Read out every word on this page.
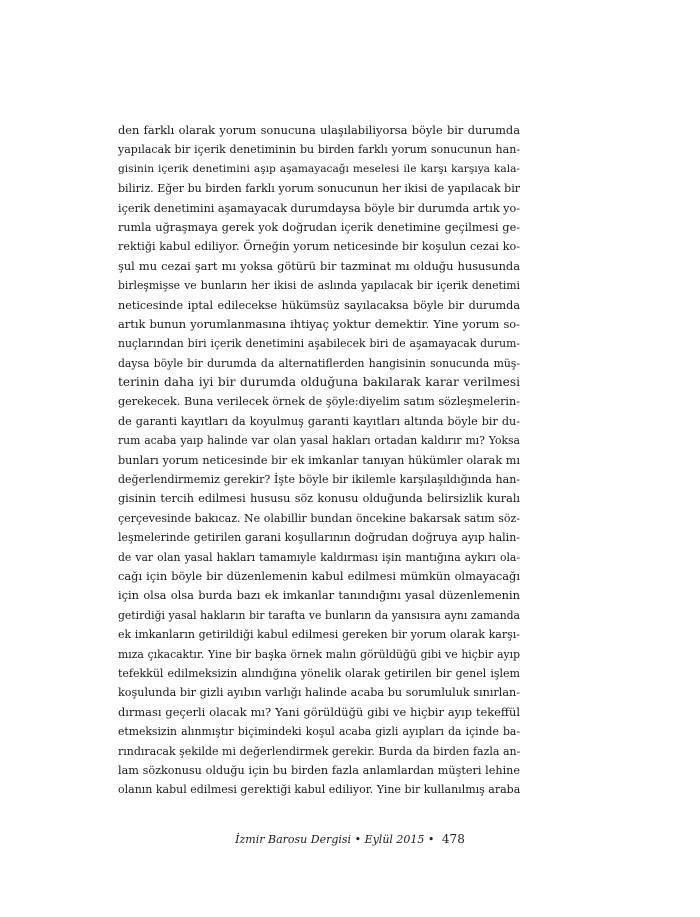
den farklı olarak yorum sonucuna ulaşılabiliyorsa böyle bir durumda
yapılacak bir içerik denetiminin bu birden farklı yorum sonucunun han-
gisinin içerik denetimini aşıp aşamayacağı meselesi ile karşı karşıya kala-
biliriz. Eğer bu birden farklı yorum sonucunun her ikisi de yapılacak bir
içerik denetimini aşamayacak durumdaysa böyle bir durumda artık yo-
rumla uğraşmaya gerek yok doğrudan içerik denetimine geçilmesi ge-
rektiği kabul ediliyor. Örneğin yorum neticesinde bir koşulun cezai ko-
şul mu cezai şart mı yoksa götürü bir tazminat mı olduğu hususunda
birleşmişse ve bunların her ikisi de aslında yapılacak bir içerik denetimi
neticesinde iptal edilecekse hükümsüz sayılacaksa böyle bir durumda
artık bunun yorumlanmasına ihtiyaç yoktur demektir. Yine yorum so-
nuçlarından biri içerik denetimini aşabilecek biri de aşamayacak durum-
daysa böyle bir durumda da alternatiflerden hangisinin sonucunda müş-
terinin daha iyi bir durumda olduğuna bakılarak karar verilmesi
gerekecek. Buna verilecek örnek de şöyle:diyelim satım sözleşmelerin-
de garanti kayıtları da koyulmuş garanti kayıtları altında böyle bir du-
rum acaba yaıp halinde var olan yasal hakları ortadan kaldırır mı? Yoksa
bunları yorum neticesinde bir ek imkanlar tanıyan hükümler olarak mı
değerlendirmemiz gerekir? İşte böyle bir ikilemle karşılaşıldığında han-
gisinin tercih edilmesi hususu söz konusu olduğunda belirsizlik kuralı
çerçevesinde bakıcaz. Ne olabillir bundan öncekine bakarsak satım söz-
leşmelerinde getirilen garani koşullarının doğrudan doğruya ayıp halin-
de var olan yasal hakları tamamıyle kaldırması işin mantığına aykırı ola-
cağı için böyle bir düzenlemenin kabul edilmesi mümkün olmayacağı
için olsa olsa burda bazı ek imkanlar tanındığını yasal düzenlemenin
getirdiği yasal hakların bir tarafta ve bunların da yansısıra aynı zamanda
ek imkanların getirildiği kabul edilmesi gereken bir yorum olarak karşı-
mıza çıkacaktır. Yine bir başka örnek malın görüldüğü gibi ve hiçbir ayıp
tefekkül edilmeksizin alındığına yönelik olarak getirilen bir genel işlem
koşulunda bir gizli ayıbın varlığı halinde acaba bu sorumluluk sınırlan-
dırması geçerli olacak mı? Yani görüldüğü gibi ve hiçbir ayıp tekeffül
etmeksizin alınmıştır biçimindeki koşul acaba gizli ayıpları da içinde ba-
rındıracak şekilde mi değerlendirmek gerekir. Burda da birden fazla an-
lam sözkonusu olduğu için bu birden fazla anlamlardan müşteri lehine
olanın kabul edilmesi gerektiği kabul ediliyor. Yine bir kullanılmış araba
İzmir Barosu Dergisi • Eylül 2015 • 478
